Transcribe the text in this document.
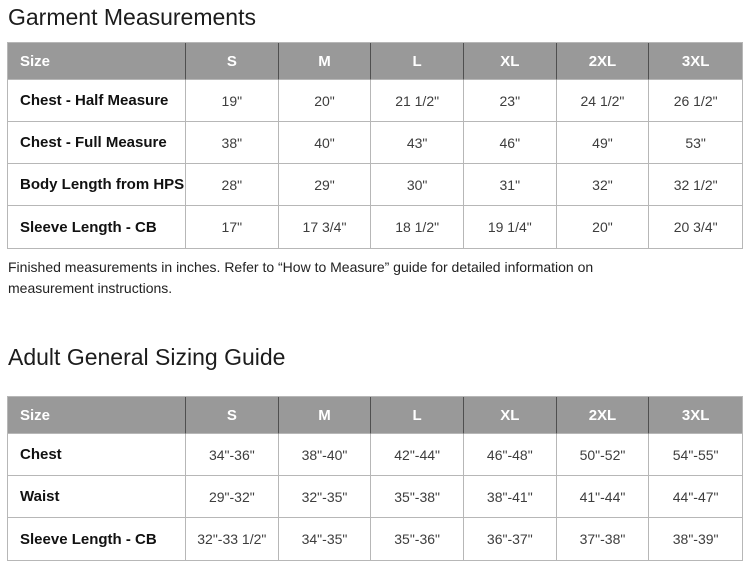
Garment Measurements
Size	S	M	L	XL	2XL	3XL
Chest - Half Measure	19"	20"	21 1/2"	23"	24 1/2"	26 1/2"
Chest - Full Measure	38"	40"	43"	46"	49"	53"
Body Length from HPS	28"	29"	30"	31"	32"	32 1/2"
Sleeve Length - CB	17"	17 3/4"	18 1/2"	19 1/4"	20"	20 3/4"

Finished measurements in inches. Refer to “How to Measure” guide for detailed information on measurement instructions.

Adult General Sizing Guide
Size	S	M	L	XL	2XL	3XL
Chest	34"-36"	38"-40"	42"-44"	46"-48"	50"-52"	54"-55"
Waist	29"-32"	32"-35"	35"-38"	38"-41"	41"-44"	44"-47"
Sleeve Length - CB	32"-33 1/2"	34"-35"	35"-36"	36"-37"	37"-38"	38"-39"
